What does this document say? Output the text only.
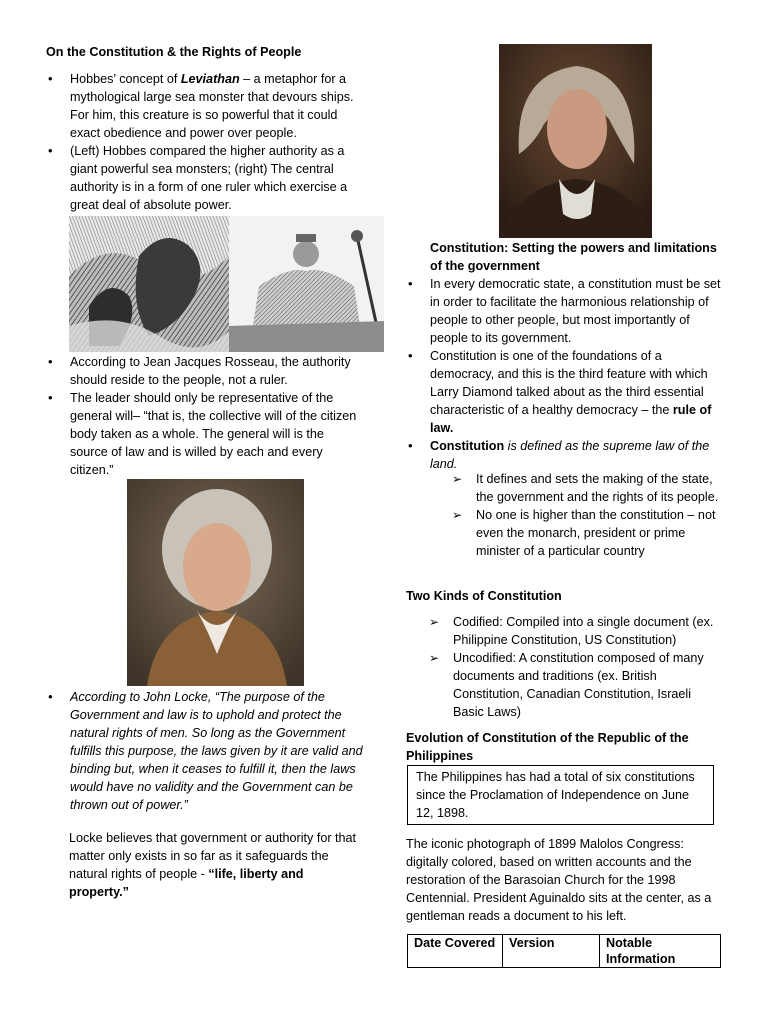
On the Constitution & the Rights of People
• Hobbes’ concept of Leviathan – a metaphor for a mythological large sea monster that devours ships. For him, this creature is so powerful that it could exact obedience and power over people.
• (Left) Hobbes compared the higher authority as a giant powerful sea monsters; (right) The central authority is in a form of one ruler which exercise a great deal of absolute power.
• According to Jean Jacques Rosseau, the authority should reside to the people, not a ruler.
• The leader should only be representative of the general will– “that is, the collective will of the citizen body taken as a whole. The general will is the source of law and is willed by each and every citizen.”
• According to John Locke, “The purpose of the Government and law is to uphold and protect the natural rights of men. So long as the Government fulfills this purpose, the laws given by it are valid and binding but, when it ceases to fulfill it, then the laws would have no validity and the Government can be thrown out of power.”
Locke believes that government or authority for that matter only exists in so far as it safeguards the natural rights of people - “life, liberty and property.”
Constitution: Setting the powers and limitations of the government
• In every democratic state, a constitution must be set in order to facilitate the harmonious relationship of people to other people, but most importantly of people to its government.
• Constitution is one of the foundations of a democracy, and this is the third feature with which Larry Diamond talked about as the third essential characteristic of a healthy democracy – the rule of law.
• Constitution is defined as the supreme law of the land.
➢ It defines and sets the making of the state, the government and the rights of its people.
➢ No one is higher than the constitution – not even the monarch, president or prime minister of a particular country
Two Kinds of Constitution
➢ Codified: Compiled into a single document (ex. Philippine Constitution, US Constitution)
➢ Uncodified: A constitution composed of many documents and traditions (ex. British Constitution, Canadian Constitution, Israeli Basic Laws)
Evolution of Constitution of the Republic of the Philippines
The Philippines has had a total of six constitutions since the Proclamation of Independence on June 12, 1898.
The iconic photograph of 1899 Malolos Congress: digitally colored, based on written accounts and the restoration of the Barasoian Church for the 1998 Centennial. President Aguinaldo sits at the center, as a gentleman reads a document to his left.
Date Covered	Version	Notable Information
